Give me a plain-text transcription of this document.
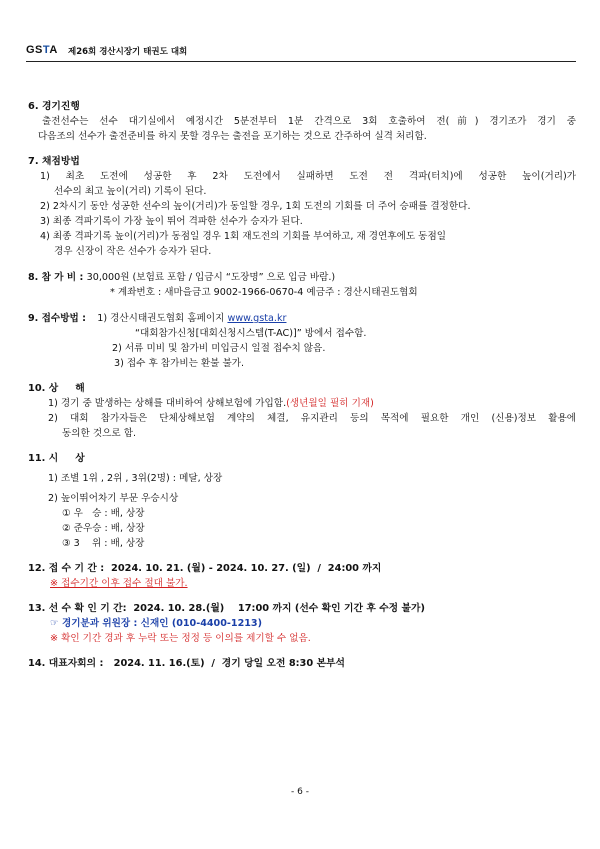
GSTA 제26회 경산시장기 태권도 대회
6. 경기진행
출전선수는 선수 대기실에서 예정시간 5분전부터 1분 간격으로 3회 호출하여 전(前) 경기조가 경기 중
다음조의 선수가 출전준비를 하지 못할 경우는 출전을 포기하는 것으로 간주하여 실격 처리함.
7. 채점방법
1) 최초 도전에 성공한 후 2차 도전에서 실패하면 도전 전 격파(터치)에 성공한 높이(거리)가
선수의 최고 높이(거리) 기록이 된다.
2) 2차시기 동안 성공한 선수의 높이(거리)가 동일할 경우, 1회 도전의 기회를 더 주어 승패를 결정한다.
3) 최종 격파기록이 가장 높이 뛰어 격파한 선수가 승자가 된다.
4) 최종 격파기록 높이(거리)가 동점일 경우 1회 재도전의 기회를 부여하고, 재 경연후에도 동점일
경우 신장이 작은 선수가 승자가 된다.
8. 참 가 비 : 30,000원 (보험료 포함 / 입금시 “도장명” 으로 입금 바람.)
* 계좌번호 : 새마을금고 9002-1966-0670-4 예금주 : 경산시태권도협회
9. 접수방법 : 1) 경산시태권도협회 홈페이지 www.gsta.kr
“대회참가신청[대회신청시스템(T-AC)]” 방에서 접수함.
2) 서류 미비 및 참가비 미입금시 일절 접수치 않음.
3) 접수 후 참가비는 환불 불가.
10. 상     해
1) 경기 중 발생하는 상해를 대비하여 상해보험에 가입함.(생년월일 필히 기재)
2) 대회 참가자들은 단체상해보험 계약의 체결, 유지관리 등의 목적에 필요한 개인 (신용)정보 활용에
동의한 것으로 함.
11. 시     상
1) 조별 1위 , 2위 , 3위(2명) : 메달, 상장
2) 높이뛰어차기 부문 우승시상
① 우   승 : 배, 상장
② 준우승 : 배, 상장
③ 3    위 : 배, 상장
12. 접 수 기 간 :  2024. 10. 21. (월) - 2024. 10. 27. (일)  /  24:00 까지
※ 접수기간 이후 접수 절대 불가.
13. 선 수 확 인 기 간:  2024. 10. 28.(월)    17:00 까지 (선수 확인 기간 후 수정 불가)
☞ 경기분과 위원장 : 신재인 (010-4400-1213)
※ 확인 기간 경과 후 누락 또는 정정 등 이의를 제기할 수 없음.
14. 대표자회의 :   2024. 11. 16.(토)  /  경기 당일 오전 8:30 본부석
- 6 -
